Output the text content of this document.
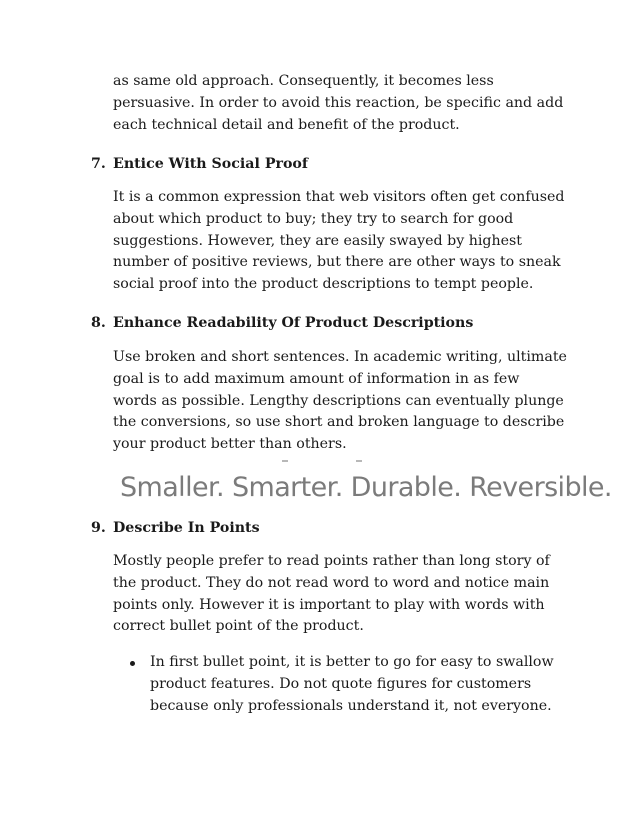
as same old approach. Consequently, it becomes less
persuasive. In order to avoid this reaction, be specific and add
each technical detail and benefit of the product.

7. Entice With Social Proof

It is a common expression that web visitors often get confused
about which product to buy; they try to search for good
suggestions. However, they are easily swayed by highest
number of positive reviews, but there are other ways to sneak
social proof into the product descriptions to tempt people.

8. Enhance Readability Of Product Descriptions

Use broken and short sentences. In academic writing, ultimate
goal is to add maximum amount of information in as few
words as possible. Lengthy descriptions can eventually plunge
the conversions, so use short and broken language to describe
your product better than others.

Smaller. Smarter. Durable. Reversible.
9. Describe In Points

Mostly people prefer to read points rather than long story of
the product. They do not read word to word and notice main
points only. However it is important to play with words with
correct bullet point of the product.

In first bullet point, it is better to go for easy to swallow
product features. Do not quote figures for customers
because only professionals understand it, not everyone.
